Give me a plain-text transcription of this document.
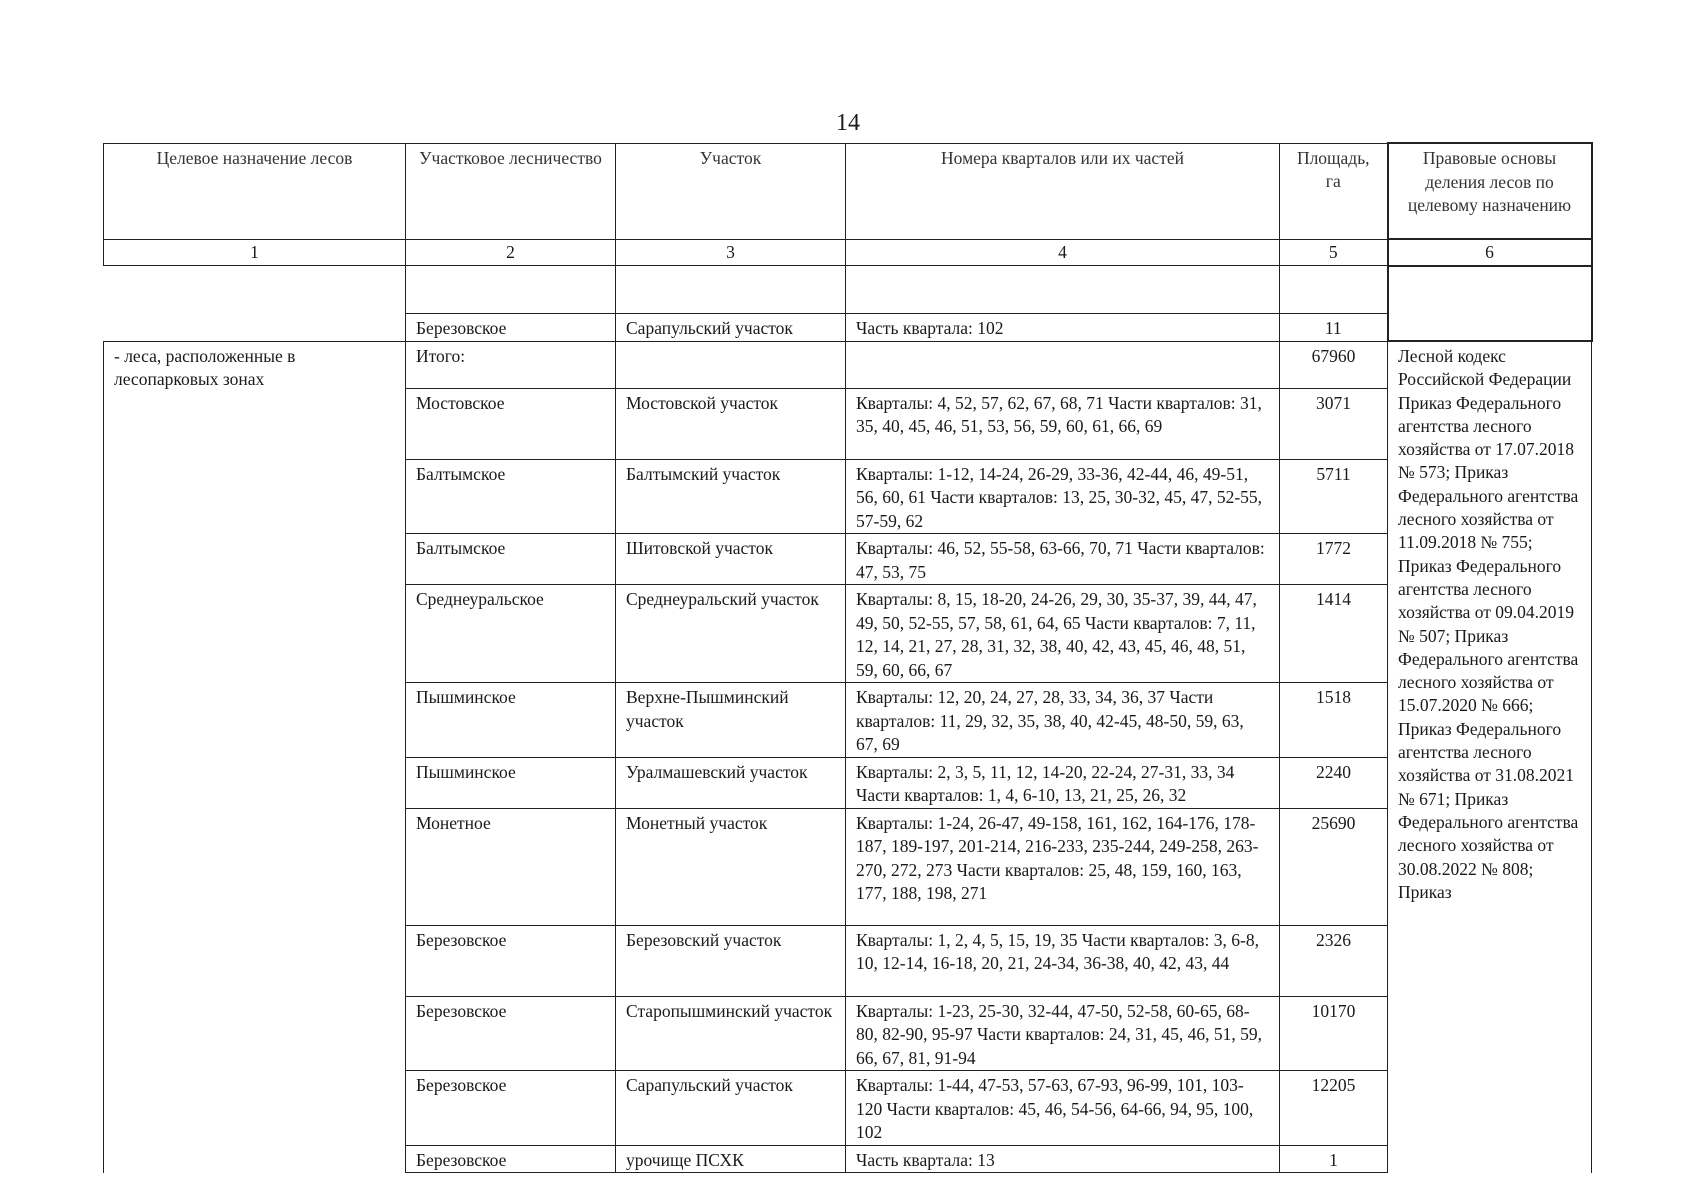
14
Целевое назначение лесов	Участковое лесничество	Участок	Номера кварталов или их частей	Площадь, га	Правовые основы деления лесов по целевому назначению
1	2	3	4	5	6

	Березовское	Сарапульский участок	Часть квартала: 102	11	
- леса, расположенные в лесопарковых зонах	Итого:			67960	Лесной кодекс Российской Федерации Приказ Федерального агентства лесного хозяйства от 17.07.2018 № 573; Приказ Федерального агентства лесного хозяйства от 11.09.2018 № 755; Приказ Федерального агентства лесного хозяйства от 09.04.2019 № 507; Приказ Федерального агентства лесного хозяйства от 15.07.2020 № 666; Приказ Федерального агентства лесного хозяйства от 31.08.2021 № 671; Приказ Федерального агентства лесного хозяйства от 30.08.2022 № 808; Приказ
	Мостовское	Мостовской участок	Кварталы: 4, 52, 57, 62, 67, 68, 71 Части кварталов: 31, 35, 40, 45, 46, 51, 53, 56, 59, 60, 61, 66, 69	3071	
	Балтымское	Балтымский участок	Кварталы: 1-12, 14-24, 26-29, 33-36, 42-44, 46, 49-51, 56, 60, 61 Части кварталов: 13, 25, 30-32, 45, 47, 52-55, 57-59, 62	5711	
	Балтымское	Шитовской участок	Кварталы: 46, 52, 55-58, 63-66, 70, 71 Части кварталов: 47, 53, 75	1772	
	Среднеуральское	Среднеуральский участок	Кварталы: 8, 15, 18-20, 24-26, 29, 30, 35-37, 39, 44, 47, 49, 50, 52-55, 57, 58, 61, 64, 65 Части кварталов: 7, 11, 12, 14, 21, 27, 28, 31, 32, 38, 40, 42, 43, 45, 46, 48, 51, 59, 60, 66, 67	1414	
	Пышминское	Верхне-Пышминский участок	Кварталы: 12, 20, 24, 27, 28, 33, 34, 36, 37 Части кварталов: 11, 29, 32, 35, 38, 40, 42-45, 48-50, 59, 63, 67, 69	1518	
	Пышминское	Уралмашевский участок	Кварталы: 2, 3, 5, 11, 12, 14-20, 22-24, 27-31, 33, 34 Части кварталов: 1, 4, 6-10, 13, 21, 25, 26, 32	2240	
	Монетное	Монетный участок	Кварталы: 1-24, 26-47, 49-158, 161, 162, 164-176, 178-187, 189-197, 201-214, 216-233, 235-244, 249-258, 263-270, 272, 273 Части кварталов: 25, 48, 159, 160, 163, 177, 188, 198, 271	25690	
	Березовское	Березовский участок	Кварталы: 1, 2, 4, 5, 15, 19, 35 Части кварталов: 3, 6-8, 10, 12-14, 16-18, 20, 21, 24-34, 36-38, 40, 42, 43, 44	2326	
	Березовское	Старопышминский участок	Кварталы: 1-23, 25-30, 32-44, 47-50, 52-58, 60-65, 68-80, 82-90, 95-97 Части кварталов: 24, 31, 45, 46, 51, 59, 66, 67, 81, 91-94	10170	
	Березовское	Сарапульский участок	Кварталы: 1-44, 47-53, 57-63, 67-93, 96-99, 101, 103-120 Части кварталов: 45, 46, 54-56, 64-66, 94, 95, 100, 102	12205	
	Березовское	урочище ПСХК	Часть квартала: 13	1	
